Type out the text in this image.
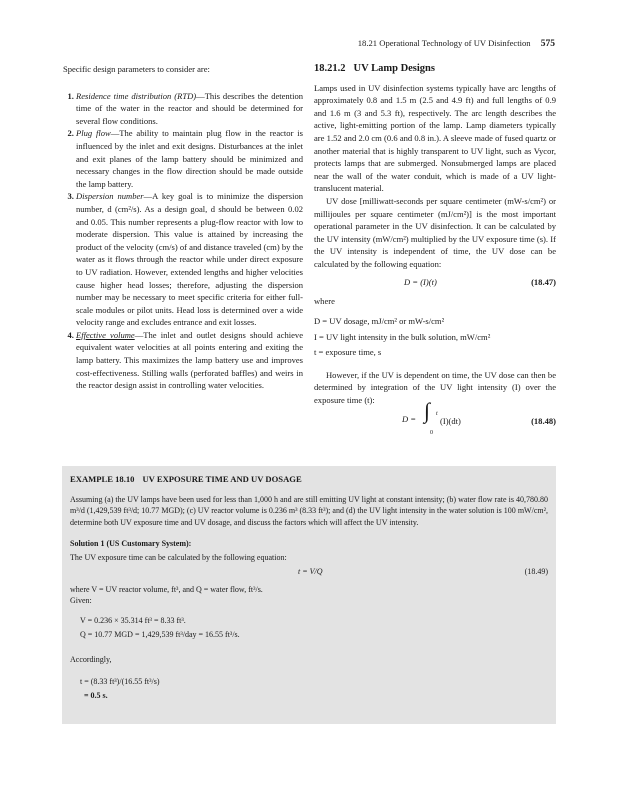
18.21 Operational Technology of UV Disinfection 575

Specific design parameters to consider are:

1. Residence time distribution (RTD)—This describes the detention time of the water in the reactor and should be determined for several flow conditions.
2. Plug flow—The ability to maintain plug flow in the reactor is influenced by the inlet and exit designs. Disturbances at the inlet and exit planes of the lamp battery should be minimized and necessary changes in the flow direction should be made outside the lamp battery.
3. Dispersion number—A key goal is to minimize the dispersion number, d (cm²/s). As a design goal, d should be between 0.02 and 0.05. This number represents a plug-flow reactor with low to moderate dispersion. This value is attained by increasing the product of the velocity (cm/s) of and distance traveled (cm) by the water as it flows through the reactor while under direct exposure to UV radiation. However, extended lengths and higher velocities cause higher head losses; therefore, adjusting the dispersion number may be necessary to meet specific criteria for either full-scale modules or pilot units. Head loss is determined over a wide velocity range and excludes entrance and exit losses.
4. Effective volume—The inlet and outlet designs should achieve equivalent water velocities at all points entering and exiting the lamp battery. This maximizes the lamp battery use and improves cost-effectiveness. Stilling walls (perforated baffles) and weirs in the reactor design assist in controlling water velocities.
18.21.2 UV Lamp Designs

Lamps used in UV disinfection systems typically have arc lengths of approximately 0.8 and 1.5 m (2.5 and 4.9 ft) and full lengths of 0.9 and 1.6 m (3 and 5.3 ft), respectively. The arc length describes the active, light-emitting portion of the lamp. Lamp diameters typically are 1.52 and 2.0 cm (0.6 and 0.8 in.). A sleeve made of fused quartz or another material that is highly transparent to UV light, such as Vycor, protects lamps that are submerged. Nonsubmerged lamps are placed near the wall of the water conduit, which is made of a UV light-translucent material.

UV dose [milliwatt-seconds per square centimeter (mW-s/cm²) or millijoules per square centimeter (mJ/cm²)] is the most important operational parameter in the UV disinfection. It can be calculated by the UV intensity (mW/cm²) multiplied by the UV exposure time (s). If the UV intensity is independent of time, the UV dose can be calculated by the following equation:

D = (I)(t)	(18.47)

where

D = UV dosage, mJ/cm² or mW-s/cm²
I = UV light intensity in the bulk solution, mW/cm²
t = exposure time, s

However, if the UV is dependent on time, the UV dose can then be determined by integration of the UV light intensity (I) over the exposure time (t):

D = ∫ t
0
(I)(dt)	(18.48)
EXAMPLE 18.10 UV EXPOSURE TIME AND UV DOSAGE

Assuming (a) the UV lamps have been used for less than 1,000 h and are still emitting UV light at constant intensity; (b) water flow rate is 40,780.80 m³/d (1,429,539 ft³/d; 10.77 MGD); (c) UV reactor volume is 0.236 m³ (8.33 ft³); and (d) the UV light intensity in the water solution is 100 mW/cm², determine both UV exposure time and UV dosage, and discuss the factors which will affect the UV intensity.

Solution 1 (US Customary System):
The UV exposure time can be calculated by the following equation:
t = V/Q	(18.49)
where V = UV reactor volume, ft³, and Q = water flow, ft³/s.
Given:
V = 0.236 × 35.314 ft³ = 8.33 ft³.
Q = 10.77 MGD = 1,429,539 ft³/day = 16.55 ft³/s.
Accordingly,
t = (8.33 ft³)/(16.55 ft³/s)
= 0.5 s.
